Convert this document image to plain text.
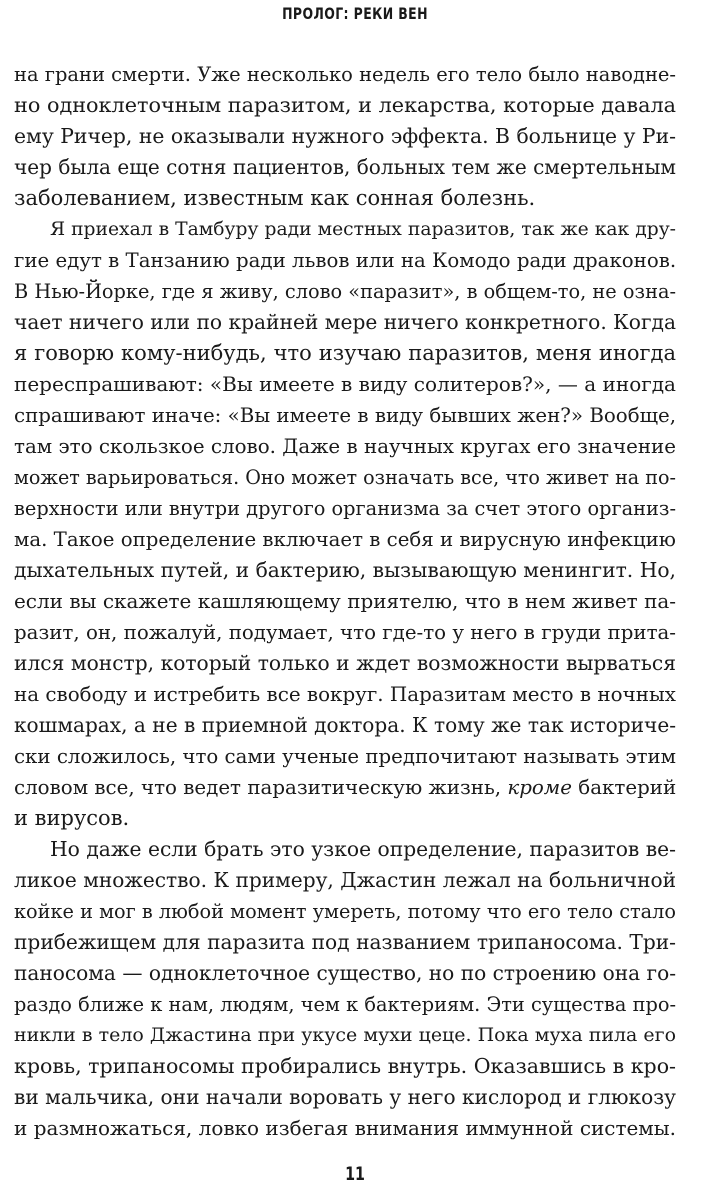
ПРОЛОГ: РЕКИ ВЕН
на грани смерти. Уже несколько недель его тело было наводне-
но одноклеточным паразитом, и лекарства, которые давала
ему Ричер, не оказывали нужного эффекта. В больнице у Ри-
чер была еще сотня пациентов, больных тем же смертельным
заболеванием, известным как сонная болезнь.
Я приехал в Тамбуру ради местных паразитов, так же как дру-
гие едут в Танзанию ради львов или на Комодо ради драконов.
В Нью-Йорке, где я живу, слово «паразит», в общем-то, не озна-
чает ничего или по крайней мере ничего конкретного. Когда
я говорю кому-нибудь, что изучаю паразитов, меня иногда
переспрашивают: «Вы имеете в виду солитеров?», — а иногда
спрашивают иначе: «Вы имеете в виду бывших жен?» Вообще,
там это скользкое слово. Даже в научных кругах его значение
может варьироваться. Оно может означать все, что живет на по-
верхности или внутри другого организма за счет этого организ-
ма. Такое определение включает в себя и вирусную инфекцию
дыхательных путей, и бактерию, вызывающую менингит. Но,
если вы скажете кашляющему приятелю, что в нем живет па-
разит, он, пожалуй, подумает, что где-то у него в груди прита-
ился монстр, который только и ждет возможности вырваться
на свободу и истребить все вокруг. Паразитам место в ночных
кошмарах, а не в приемной доктора. К тому же так историче-
ски сложилось, что сами ученые предпочитают называть этим
словом все, что ведет паразитическую жизнь, кроме бактерий
и вирусов.
Но даже если брать это узкое определение, паразитов ве-
ликое множество. К примеру, Джастин лежал на больничной
койке и мог в любой момент умереть, потому что его тело стало
прибежищем для паразита под названием трипаносома. Три-
паносома — одноклеточное существо, но по строению она го-
раздо ближе к нам, людям, чем к бактериям. Эти существа про-
никли в тело Джастина при укусе мухи цеце. Пока муха пила его
кровь, трипаносомы пробирались внутрь. Оказавшись в кро-
ви мальчика, они начали воровать у него кислород и глюкозу
и размножаться, ловко избегая внимания иммунной системы.
11
